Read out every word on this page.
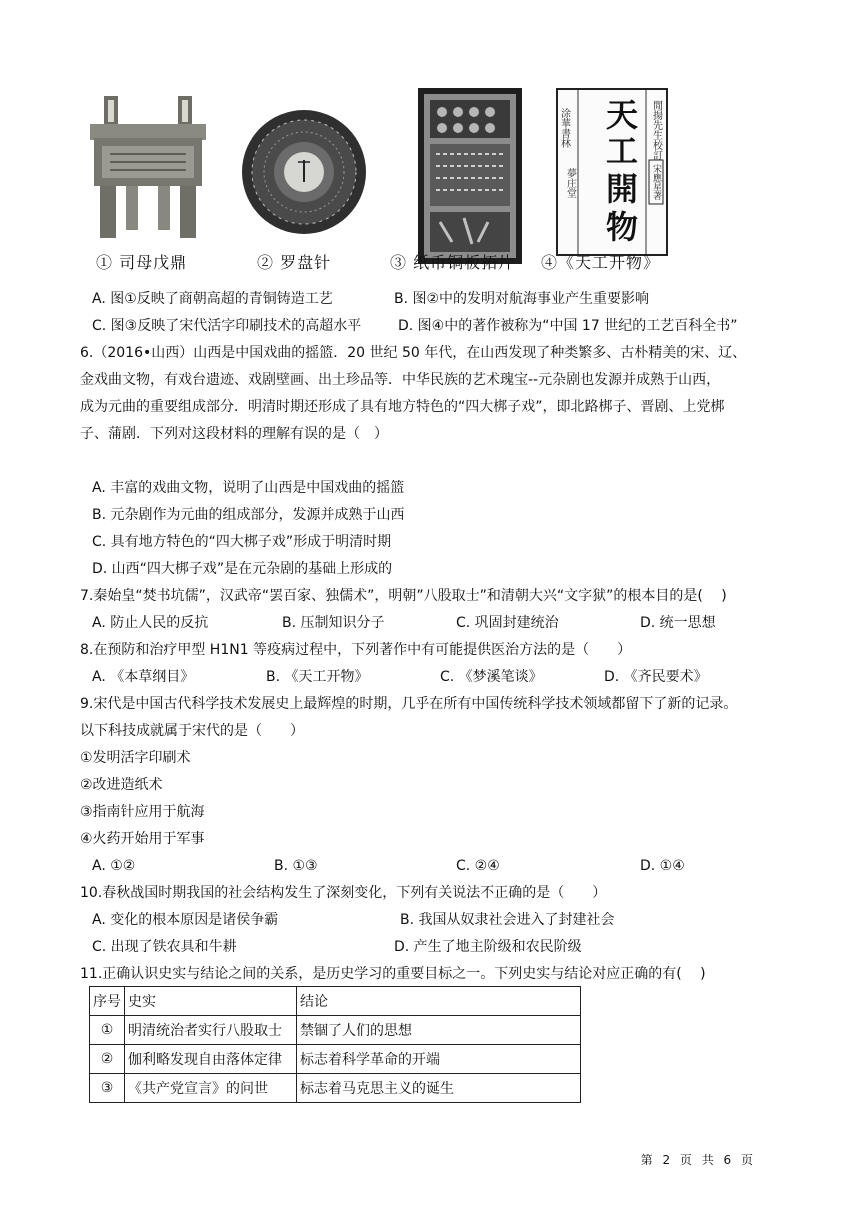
天
工
開
物
涂華書林
夢庄堂
閒揚先生校訂
宋應星著
① 司母戊鼎	② 罗盘针	③ 纸币铜板拓片 ④《天工开物》
A. 图①反映了商朝高超的青铜铸造工艺	B. 图②中的发明对航海事业产生重要影响
C. 图③反映了宋代活字印刷技术的高超水平	D. 图④中的著作被称为“中国 17 世纪的工艺百科全书”
6.（2016•山西）山西是中国戏曲的摇篮．20 世纪 50 年代，在山西发现了种类繁多、古朴精美的宋、辽、
金戏曲文物，有戏台遗迹、戏剧壁画、出土珍品等．中华民族的艺术瑰宝--元杂剧也发源并成熟于山西，
成为元曲的重要组成部分．明清时期还形成了具有地方特色的“四大梆子戏”，即北路梆子、晋剧、上党梆
子、蒲剧．下列对这段材料的理解有误的是（　）
A. 丰富的戏曲文物，说明了山西是中国戏曲的摇篮
B. 元杂剧作为元曲的组成部分，发源并成熟于山西
C. 具有地方特色的“四大梆子戏”形成于明清时期
D. 山西“四大梆子戏”是在元杂剧的基础上形成的
7.秦始皇“焚书坑儒”，汉武帝“罢百家、独儒术”，明朝”八股取士”和清朝大兴“文字狱”的根本目的是(　 )
A. 防止人民的反抗	B. 压制知识分子	C. 巩固封建统治	D. 统一思想
8.在预防和治疗甲型 H1N1 等疫病过程中，下列著作中有可能提供医治方法的是（　　）
A. 《本草纲目》	B. 《天工开物》	C. 《梦溪笔谈》	D. 《齐民要术》
9.宋代是中国古代科学技术发展史上最辉煌的时期，几乎在所有中国传统科学技术领域都留下了新的记录。
以下科技成就属于宋代的是（　　）
①发明活字印刷术
②改进造纸术
③指南针应用于航海
④火药开始用于军事
A. ①②	B. ①③	C. ②④	D. ①④
10.春秋战国时期我国的社会结构发生了深刻变化，下列有关说法不正确的是（　　）
A. 变化的根本原因是诸侯争霸	B. 我国从奴隶社会进入了封建社会
C. 出现了铁农具和牛耕	D. 产生了地主阶级和农民阶级
11.正确认识史实与结论之间的关系，是历史学习的重要目标之一。下列史实与结论对应正确的有(　 )
序号	史实	结论
①	明清统治者实行八股取士	禁锢了人们的思想
②	伽利略发现自由落体定律	标志着科学革命的开端
③	《共产党宣言》的问世	标志着马克思主义的诞生
第 2 页 共 6 页
